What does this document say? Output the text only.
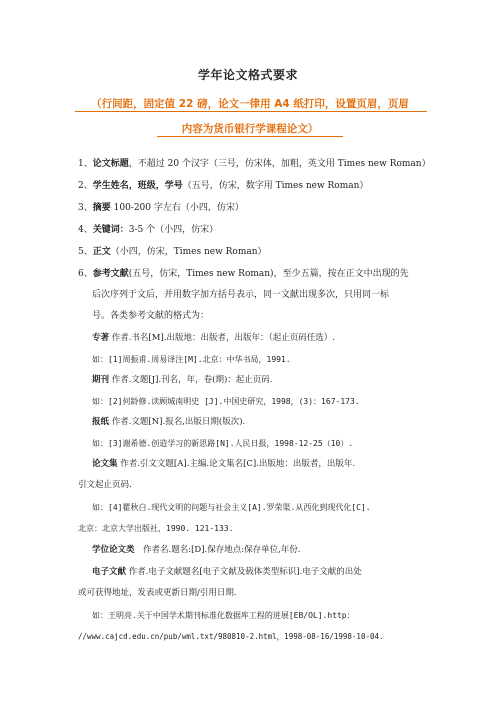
学年论文格式要求
（行间距，固定值 22 磅，论文一律用 A4 纸打印，设置页眉，页眉
内容为货币银行学课程论文）
1、论文标题，不超过 20 个汉字（三号，仿宋体，加粗，英文用 Times new Roman）
2、学生姓名，班级，学号（五号，仿宋，数字用 Times new Roman）
3、摘要 100-200 字左右（小四，仿宋）
4、关键词：3-5 个（小四，仿宋）
5、正文（小四，仿宋，Times new Roman）
6、参考文献(五号，仿宋，Times new Roman)，至少五篇，按在正文中出现的先
后次序列于文后，并用数字加方括号表示，同一文献出现多次，只用同一标
号。各类参考文献的格式为：
专著 作者.书名[M].出版地：出版者，出版年：（起止页码任选）.
如：[1]周振甫.周易译注[M].北京：中华书局，1991.
期刊 作者.文题[J].刊名，年，卷(期)：起止页码.
如：[2]何龄修.读顾城南明史 [J].中国史研究，1998，(3)：167-173.
报纸 作者.文题[N].报名,出版日期(版次).
如：[3]谢希德.创造学习的新思路[N].人民日报，1998-12-25（10）.
论文集 作者.引文文题[A].主编.论文集名[C].出版地：出版者，出版年.
引文起止页码.
如：[4]瞿秋白.现代文明的问题与社会主义[A].罗荣渠.从西化到现代化[C].
北京：北京大学出版社，1990. 121-133.
学位论文类　作者名.题名:[D].保存地点:保存单位,年份.
电子文献 作者.电子文献题名[电子文献及载体类型标识].电子文献的出处
或可获得地址，发表或更新日期/引用日期.
如：王明亮.关于中国学术期刊标准化数据库工程的进展[EB/OL].http：
//www.cajcd.edu.cn/pub/wml.txt/980810-2.html，1998-08-16/1998-10-04.
